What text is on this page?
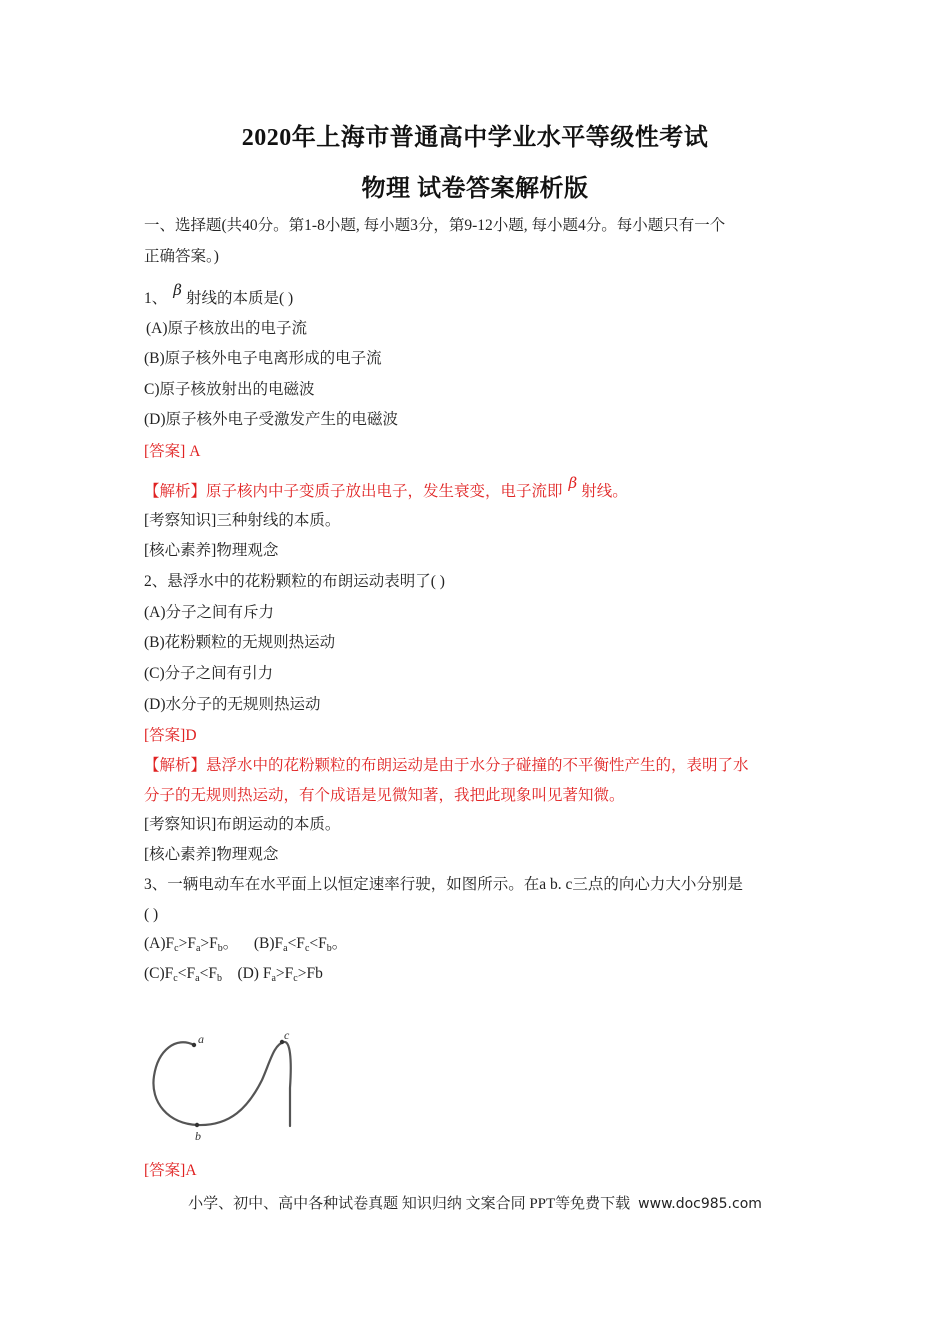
2020年上海市普通高中学业水平等级性考试
物理 试卷答案解析版
一、选择题(共40分。第1-8小题, 每小题3分，第9-12小题, 每小题4分。每小题只有一个
正确答案。)
1、 β 射线的本质是( )
(A)原子核放出的电子流
(B)原子核外电子电离形成的电子流
C)原子核放射出的电磁波
(D)原子核外电子受激发产生的电磁波
[答案] A
【解析】原子核内中子变质子放出电子，发生衰变，电子流即 β 射线。
[考察知识]三种射线的本质。
[核心素养]物理观念
2、悬浮水中的花粉颗粒的布朗运动表明了( )
(A)分子之间有斥力
(B)花粉颗粒的无规则热运动
(C)分子之间有引力
(D)水分子的无规则热运动
[答案]D
【解析】悬浮水中的花粉颗粒的布朗运动是由于水分子碰撞的不平衡性产生的，表明了水
分子的无规则热运动，有个成语是见微知著，我把此现象叫见著知微。
[考察知识]布朗运动的本质。
[核心素养]物理观念
3、一辆电动车在水平面上以恒定速率行驶，如图所示。在a b. c三点的向心力大小分别是
( )
$(A)F_c>F_a>F_b$。 $(B)F_a<F_c<F_b$。
$(C)F_c<F_a<F_b$ (D) $F_a>F_c>Fb$
a
b
c
[答案]A
小学、初中、高中各种试卷真题 知识归纳 文案合同 PPT等免费下载 www.doc985.com
